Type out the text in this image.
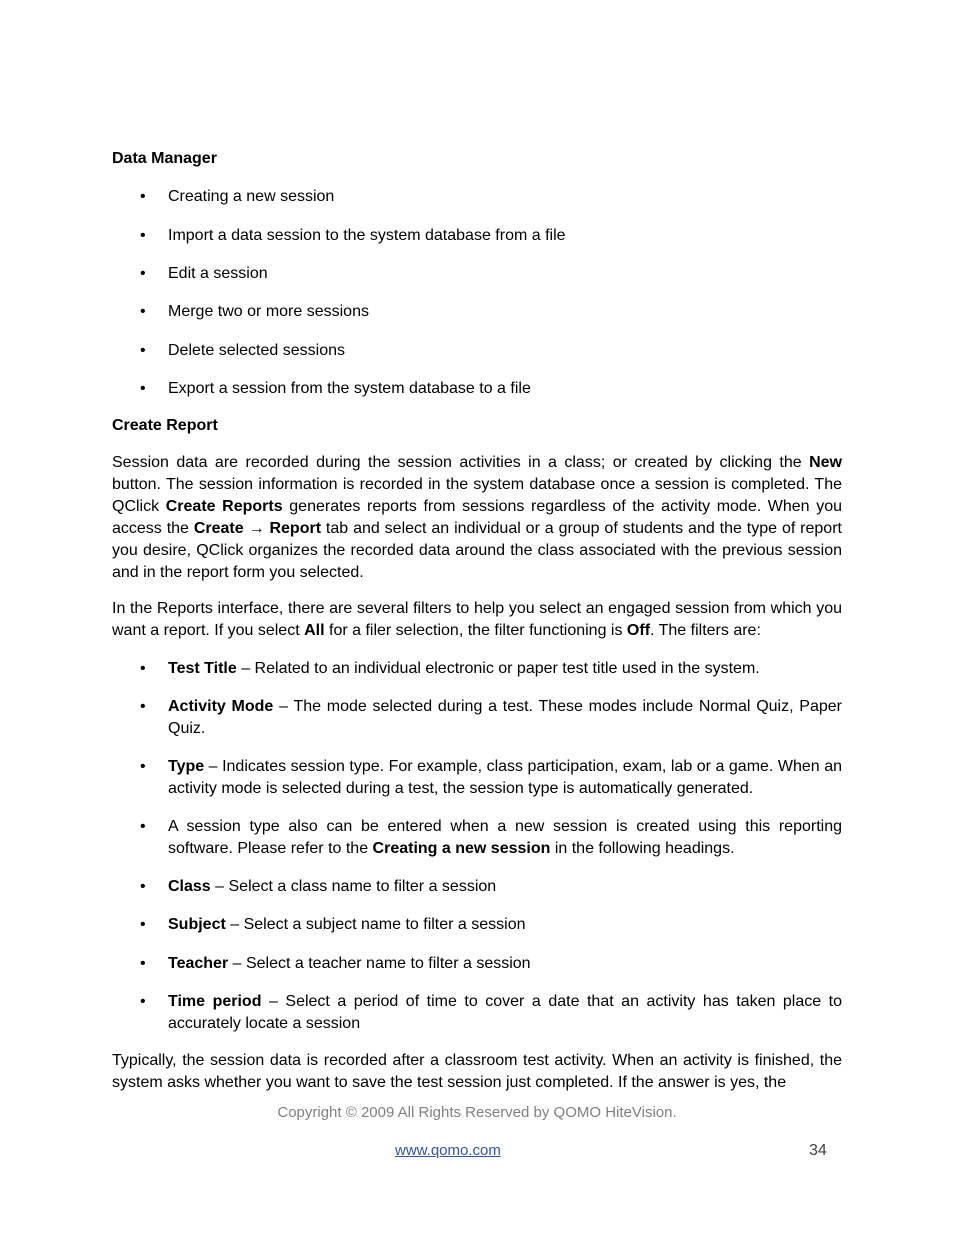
Data Manager
• Creating a new session
• Import a data session to the system database from a file
• Edit a session
• Merge two or more sessions
• Delete selected sessions
• Export a session from the system database to a file
Create Report
Session data are recorded during the session activities in a class; or created by clicking the New button. The session information is recorded in the system database once a session is completed. The QClick Create Reports generates reports from sessions regardless of the activity mode. When you access the Create → Report tab and select an individual or a group of students and the type of report you desire, QClick organizes the recorded data around the class associated with the previous session and in the report form you selected.
In the Reports interface, there are several filters to help you select an engaged session from which you want a report. If you select All for a filer selection, the filter functioning is Off. The filters are:
• Test Title – Related to an individual electronic or paper test title used in the system.
• Activity Mode – The mode selected during a test. These modes include Normal Quiz, Paper Quiz.
• Type – Indicates session type. For example, class participation, exam, lab or a game. When an activity mode is selected during a test, the session type is automatically generated.
• A session type also can be entered when a new session is created using this reporting software. Please refer to the Creating a new session in the following headings.
• Class – Select a class name to filter a session
• Subject – Select a subject name to filter a session
• Teacher – Select a teacher name to filter a session
• Time period – Select a period of time to cover a date that an activity has taken place to accurately locate a session
Typically, the session data is recorded after a classroom test activity. When an activity is finished, the system asks whether you want to save the test session just completed. If the answer is yes, the
Copyright © 2009 All Rights Reserved by QOMO HiteVision.
www.qomo.com	34
